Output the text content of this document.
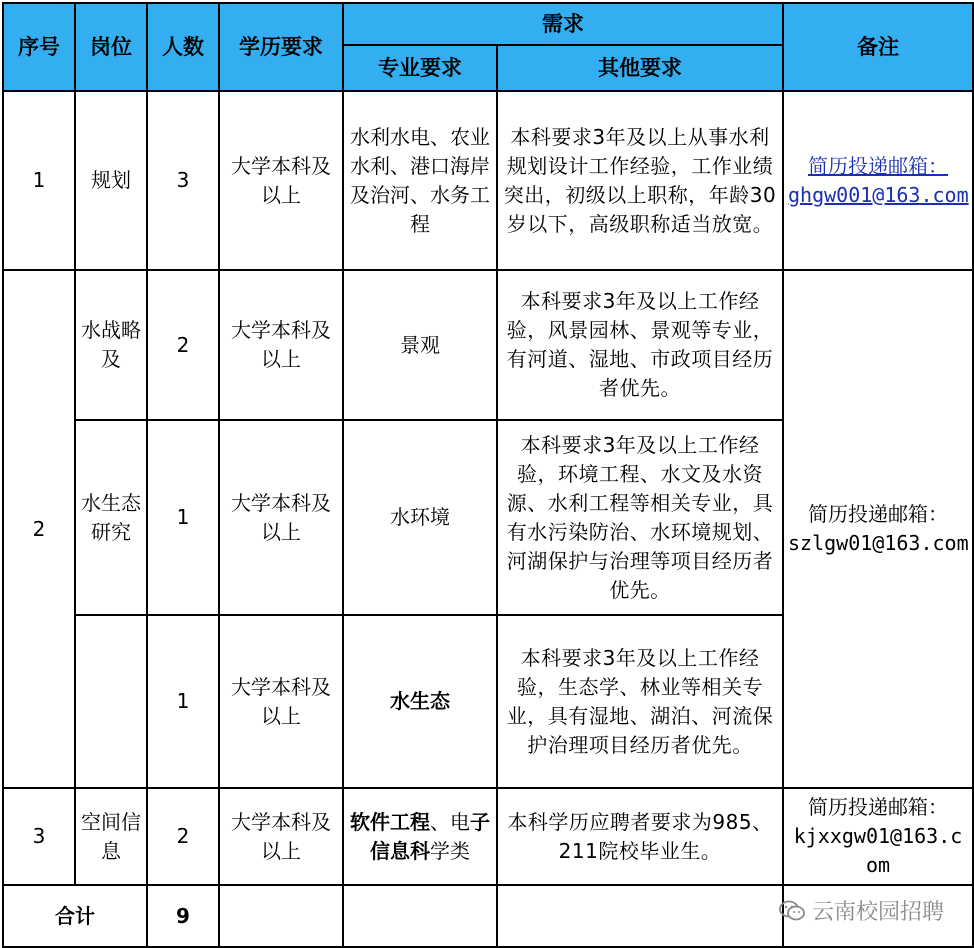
序号	岗位	人数	学历要求	需求		备注
				专业要求	其他要求	
1	规划	3	大学本科及以上	水利水电、农业水利、港口海岸及治河、水务工程	本科要求3年及以上从事水利规划设计工作经验，工作业绩突出，初级以上职称，年龄30岁以下，高级职称适当放宽。	简历投递邮箱：
ghgw001@163.com
2	水战略及	2	大学本科及以上	景观	本科要求3年及以上工作经验，风景园林、景观等专业，有河道、湿地、市政项目经历者优先。	简历投递邮箱：
szlgw01@163.com
	水生态研究	1	大学本科及以上	水环境	本科要求3年及以上工作经验，环境工程、水文及水资源、水利工程等相关专业，具有水污染防治、水环境规划、河湖保护与治理等项目经历者优先。	
		1	大学本科及以上	水生态	本科要求3年及以上工作经验，生态学、林业等相关专业，具有湿地、湖泊、河流保护治理项目经历者优先。	
3	空间信息	2	大学本科及以上	软件工程、电子信息科学类	本科学历应聘者要求为985、211院校毕业生。	简历投递邮箱：
kjxxgw01@163.com
合计		9					云南校园招聘
